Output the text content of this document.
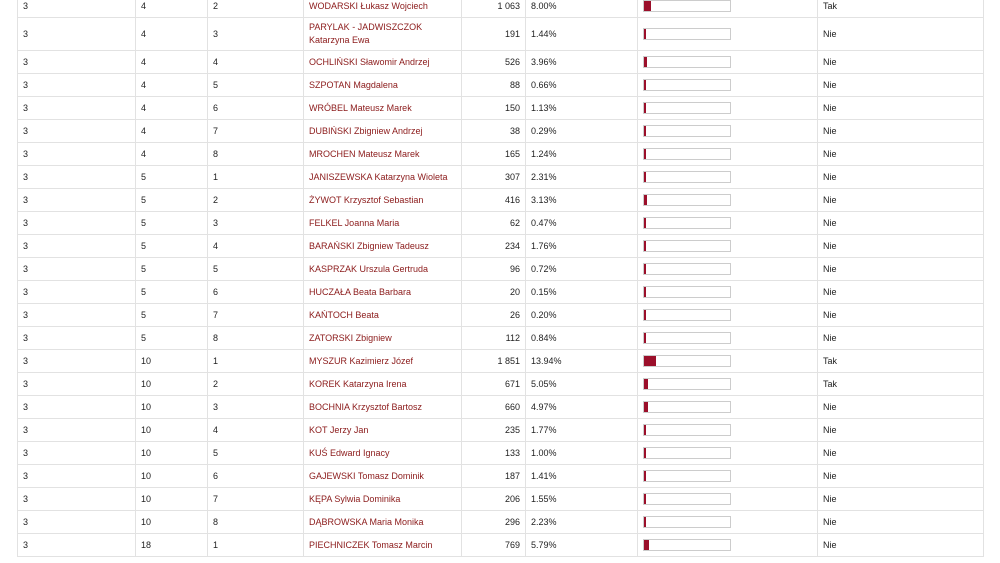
3	4	2	WODARSKI Łukasz Wojciech	1 063	8.00%		Tak
3	4	3	PARYLAK - JADWISZCZOK Katarzyna Ewa	191	1.44%		Nie
3	4	4	OCHLIŃSKI Sławomir Andrzej	526	3.96%		Nie
3	4	5	SZPOTAN Magdalena	88	0.66%		Nie
3	4	6	WRÓBEL Mateusz Marek	150	1.13%		Nie
3	4	7	DUBIŃSKI Zbigniew Andrzej	38	0.29%		Nie
3	4	8	MROCHEN Mateusz Marek	165	1.24%		Nie
3	5	1	JANISZEWSKA Katarzyna Wioleta	307	2.31%		Nie
3	5	2	ŻYWOT Krzysztof Sebastian	416	3.13%		Nie
3	5	3	FELKEL Joanna Maria	62	0.47%		Nie
3	5	4	BARAŃSKI Zbigniew Tadeusz	234	1.76%		Nie
3	5	5	KASPRZAK Urszula Gertruda	96	0.72%		Nie
3	5	6	HUCZAŁA Beata Barbara	20	0.15%		Nie
3	5	7	KAŃTOCH Beata	26	0.20%		Nie
3	5	8	ZATORSKI Zbigniew	112	0.84%		Nie
3	10	1	MYSZUR Kazimierz Józef	1 851	13.94%		Tak
3	10	2	KOREK Katarzyna Irena	671	5.05%		Tak
3	10	3	BOCHNIA Krzysztof Bartosz	660	4.97%		Nie
3	10	4	KOT Jerzy Jan	235	1.77%		Nie
3	10	5	KUŚ Edward Ignacy	133	1.00%		Nie
3	10	6	GAJEWSKI Tomasz Dominik	187	1.41%		Nie
3	10	7	KĘPA Sylwia Dominika	206	1.55%		Nie
3	10	8	DĄBROWSKA Maria Monika	296	2.23%		Nie
3	18	1	PIECHNICZEK Tomasz Marcin	769	5.79%		Nie
